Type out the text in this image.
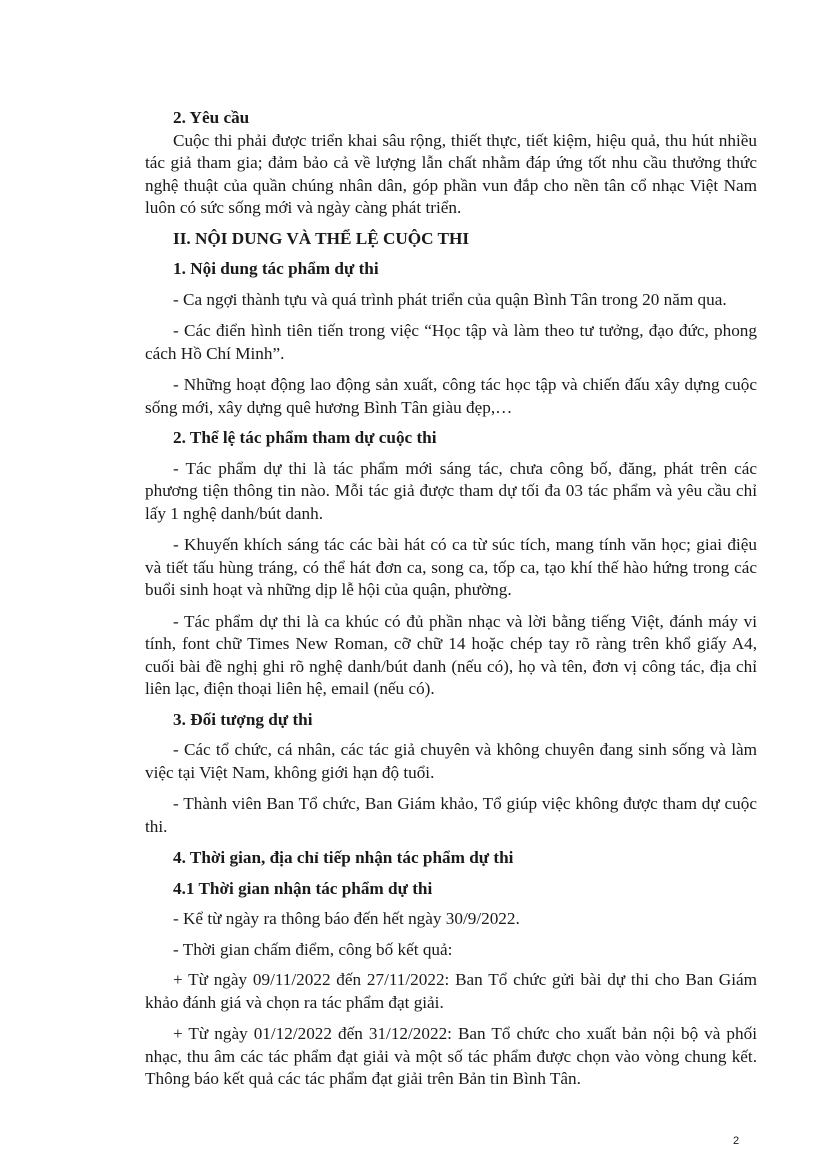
2. Yêu cầu

Cuộc thi phải được triển khai sâu rộng, thiết thực, tiết kiệm, hiệu quả, thu hút nhiều tác giả tham gia; đảm bảo cả về lượng lẫn chất nhằm đáp ứng tốt nhu cầu thưởng thức nghệ thuật của quần chúng nhân dân, góp phần vun đắp cho nền tân cổ nhạc Việt Nam luôn có sức sống mới và ngày càng phát triển.

II. NỘI DUNG VÀ THỂ LỆ CUỘC THI

1. Nội dung tác phẩm dự thi

- Ca ngợi thành tựu và quá trình phát triển của quận Bình Tân trong 20 năm qua.

- Các điển hình tiên tiến trong việc “Học tập và làm theo tư tưởng, đạo đức, phong cách Hồ Chí Minh”.

- Những hoạt động lao động sản xuất, công tác học tập và chiến đấu xây dựng cuộc sống mới, xây dựng quê hương Bình Tân giàu đẹp,…

2. Thể lệ tác phẩm tham dự cuộc thi

- Tác phẩm dự thi là tác phẩm mới sáng tác, chưa công bố, đăng, phát trên các phương tiện thông tin nào. Mỗi tác giả được tham dự tối đa 03 tác phẩm và yêu cầu chỉ lấy 1 nghệ danh/bút danh.

- Khuyến khích sáng tác các bài hát có ca từ súc tích, mang tính văn học; giai điệu và tiết tấu hùng tráng, có thể hát đơn ca, song ca, tốp ca, tạo khí thế hào hứng trong các buổi sinh hoạt và những dịp lễ hội của quận, phường.

- Tác phẩm dự thi là ca khúc có đủ phần nhạc và lời bằng tiếng Việt, đánh máy vi tính, font chữ Times New Roman, cỡ chữ 14 hoặc chép tay rõ ràng trên khổ giấy A4, cuối bài đề nghị ghi rõ nghệ danh/bút danh (nếu có), họ và tên, đơn vị công tác, địa chỉ liên lạc, điện thoại liên hệ, email (nếu có).

3. Đối tượng dự thi

- Các tổ chức, cá nhân, các tác giả chuyên và không chuyên đang sinh sống và làm việc tại Việt Nam, không giới hạn độ tuổi.

- Thành viên Ban Tổ chức, Ban Giám khảo, Tổ giúp việc không được tham dự cuộc thi.

4. Thời gian, địa chỉ tiếp nhận tác phẩm dự thi

4.1 Thời gian nhận tác phẩm dự thi

- Kể từ ngày ra thông báo đến hết ngày 30/9/2022.

- Thời gian chấm điểm, công bố kết quả:

+ Từ ngày 09/11/2022 đến 27/11/2022: Ban Tổ chức gửi bài dự thi cho Ban Giám khảo đánh giá và chọn ra tác phẩm đạt giải.

+ Từ ngày 01/12/2022 đến 31/12/2022: Ban Tổ chức cho xuất bản nội bộ và phối nhạc, thu âm các tác phẩm đạt giải và một số tác phẩm được chọn vào vòng chung kết. Thông báo kết quả các tác phẩm đạt giải trên Bản tin Bình Tân.

2
